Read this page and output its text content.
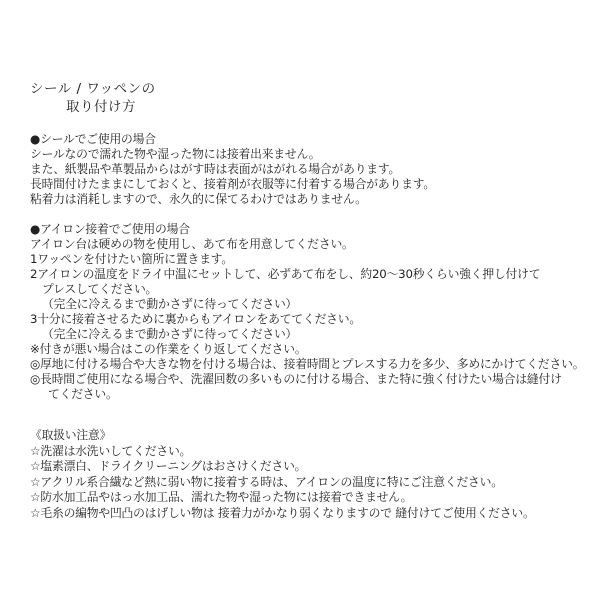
シール / ワッペンの
取り付け方
●シールでご使用の場合
シールなので濡れた物や湿った物には接着出来ません。
また、紙製品や革製品からはがす時は表面がはがれる場合があります。
長時間付けたままにしておくと、接着剤が衣服等に付着する場合があります。
粘着力は消耗しますので、永久的に保てるわけではありません。
●アイロン接着でご使用の場合
アイロン台は硬めの物を使用し、あて布を用意してください。
1ワッペンを付けたい箇所に置きます。
2アイロンの温度をドライ中温にセットして、必ずあて布をし、約20〜30秒くらい強く押し付けて
プレスしてください。
（完全に冷えるまで動かさずに待ってください）
3十分に接着させるために裏からもアイロンをあててください。
（完全に冷えるまで動かさずに待ってください）
※付きが悪い場合はこの作業をくり返してください。
◎厚地に付ける場合や大きな物を付ける場合は、接着時間とプレスする力を多少、多めにかけてください。
◎長時間ご使用になる場合や、洗濯回数の多いものに付ける場合、また特に強く付けたい場合は縫付け
てください。
《取扱い注意》
☆洗濯は水洗いしてください。
☆塩素漂白、ドライクリーニングはおさけください。
☆アクリル系合繊など熱に弱い物に接着する時は、アイロンの温度に特にご注意ください。
☆防水加工品やはっ水加工品、濡れた物や湿った物には接着できません。
☆毛糸の編物や凹凸のはげしい物は 接着力がかなり弱くなりますので 縫付けてご使用ください。
